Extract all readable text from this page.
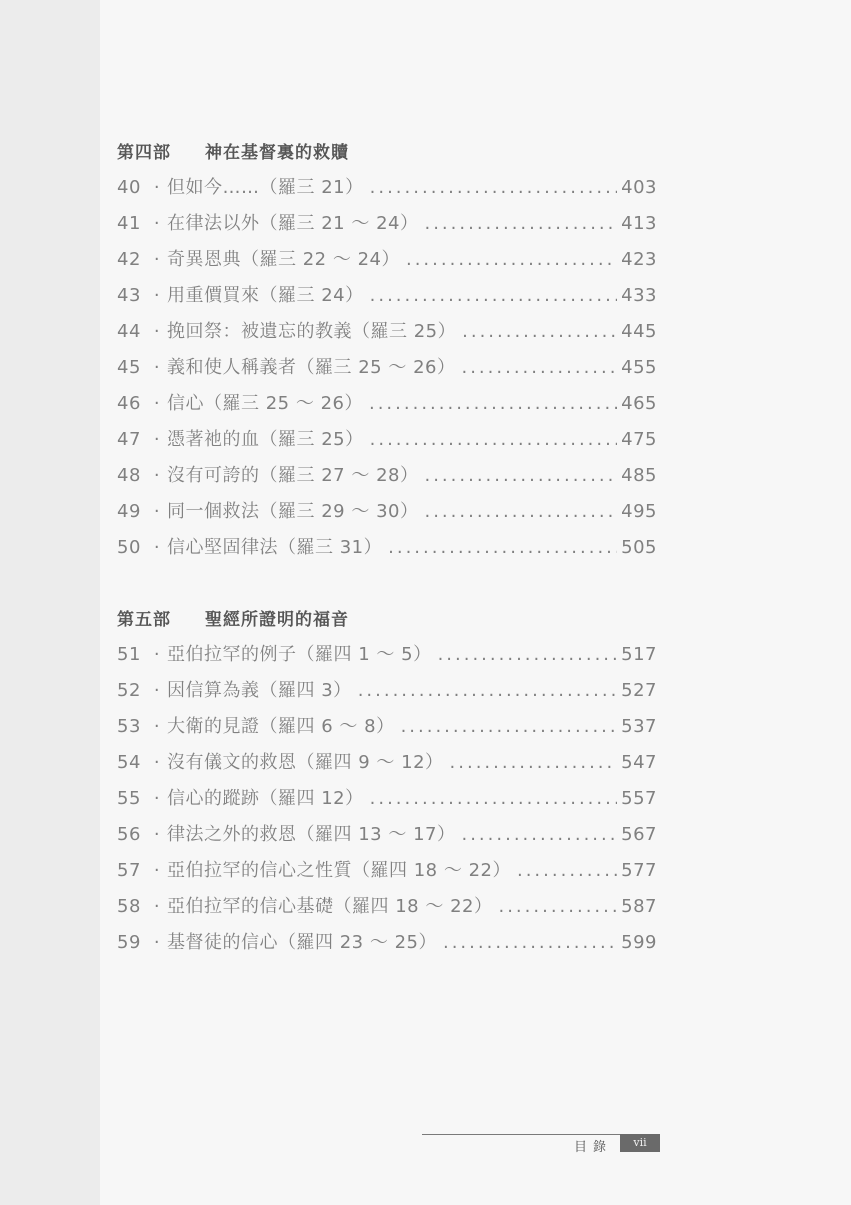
第四部	神在基督裏的救贖
40 · 但如今……（羅三 21） .....	403
41 · 在律法以外（羅三 21 ～ 24） .....	413
42 · 奇異恩典（羅三 22 ～ 24） .....	423
43 · 用重價買來（羅三 24） .....	433
44 · 挽回祭：被遺忘的教義（羅三 25） .....	445
45 · 義和使人稱義者（羅三 25 ～ 26） .....	455
46 · 信心（羅三 25 ～ 26） .....	465
47 · 憑著祂的血（羅三 25） .....	475
48 · 沒有可誇的（羅三 27 ～ 28） .....	485
49 · 同一個救法（羅三 29 ～ 30） .....	495
50 · 信心堅固律法（羅三 31） .....	505
第五部	聖經所證明的福音
51 · 亞伯拉罕的例子（羅四 1 ～ 5） .....	517
52 · 因信算為義（羅四 3） .....	527
53 · 大衛的見證（羅四 6 ～ 8） .....	537
54 · 沒有儀文的救恩（羅四 9 ～ 12） .....	547
55 · 信心的蹤跡（羅四 12） .....	557
56 · 律法之外的救恩（羅四 13 ～ 17） .....	567
57 · 亞伯拉罕的信心之性質（羅四 18 ～ 22） .....	577
58 · 亞伯拉罕的信心基礎（羅四 18 ～ 22） .....	587
59 · 基督徒的信心（羅四 23 ～ 25） .....	599
目錄	vii
